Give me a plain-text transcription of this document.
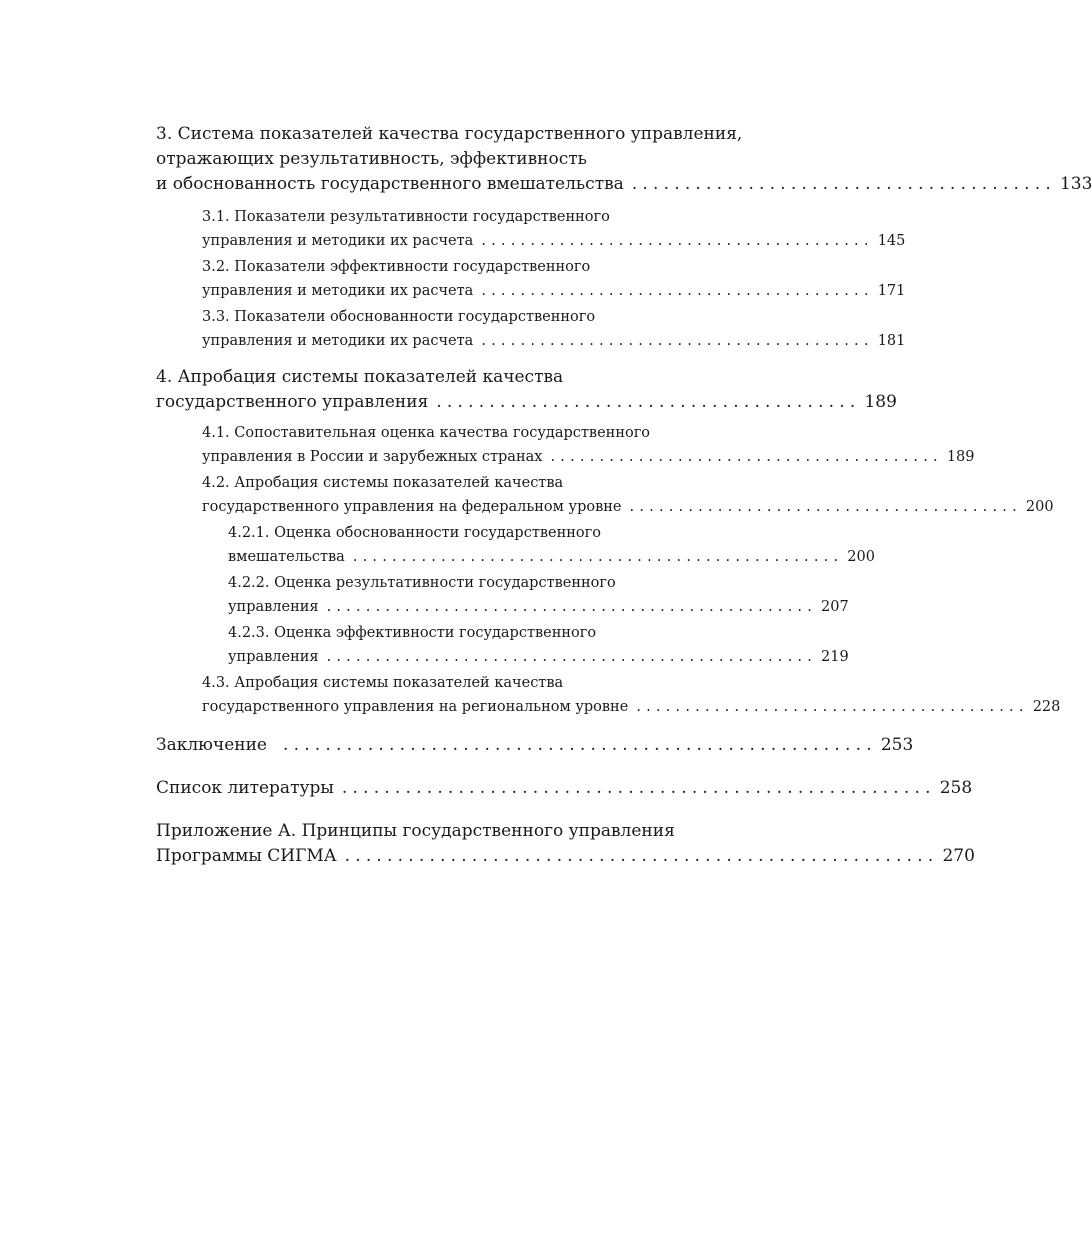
3. Система показателей качества государственного управления,
отражающих результативность, эффективность
и обоснованность государственного вмешательства ........................................ 133
3.1. Показатели результативности государственного
управления и методики их расчета ........................................ 145
3.2. Показатели эффективности государственного
управления и методики их расчета ........................................ 171
3.3. Показатели обоснованности государственного
управления и методики их расчета ........................................ 181
4. Апробация системы показателей качества
государственного управления ........................................ 189
4.1. Сопоставительная оценка качества государственного
управления в России и зарубежных странах ........................................ 189
4.2. Апробация системы показателей качества
государственного управления на федеральном уровне ........................................ 200
4.2.1. Оценка обоснованности государственного
вмешательства .................................................. 200
4.2.2. Оценка результативности государственного
управления .................................................. 207
4.2.3. Оценка эффективности государственного
управления .................................................. 219
4.3. Апробация системы показателей качества
государственного управления на региональном уровне ........................................ 228
Заключение ........................................................ 253
Список литературы ........................................................ 258
Приложение А. Принципы государственного управления
Программы СИГМА ........................................................ 270
